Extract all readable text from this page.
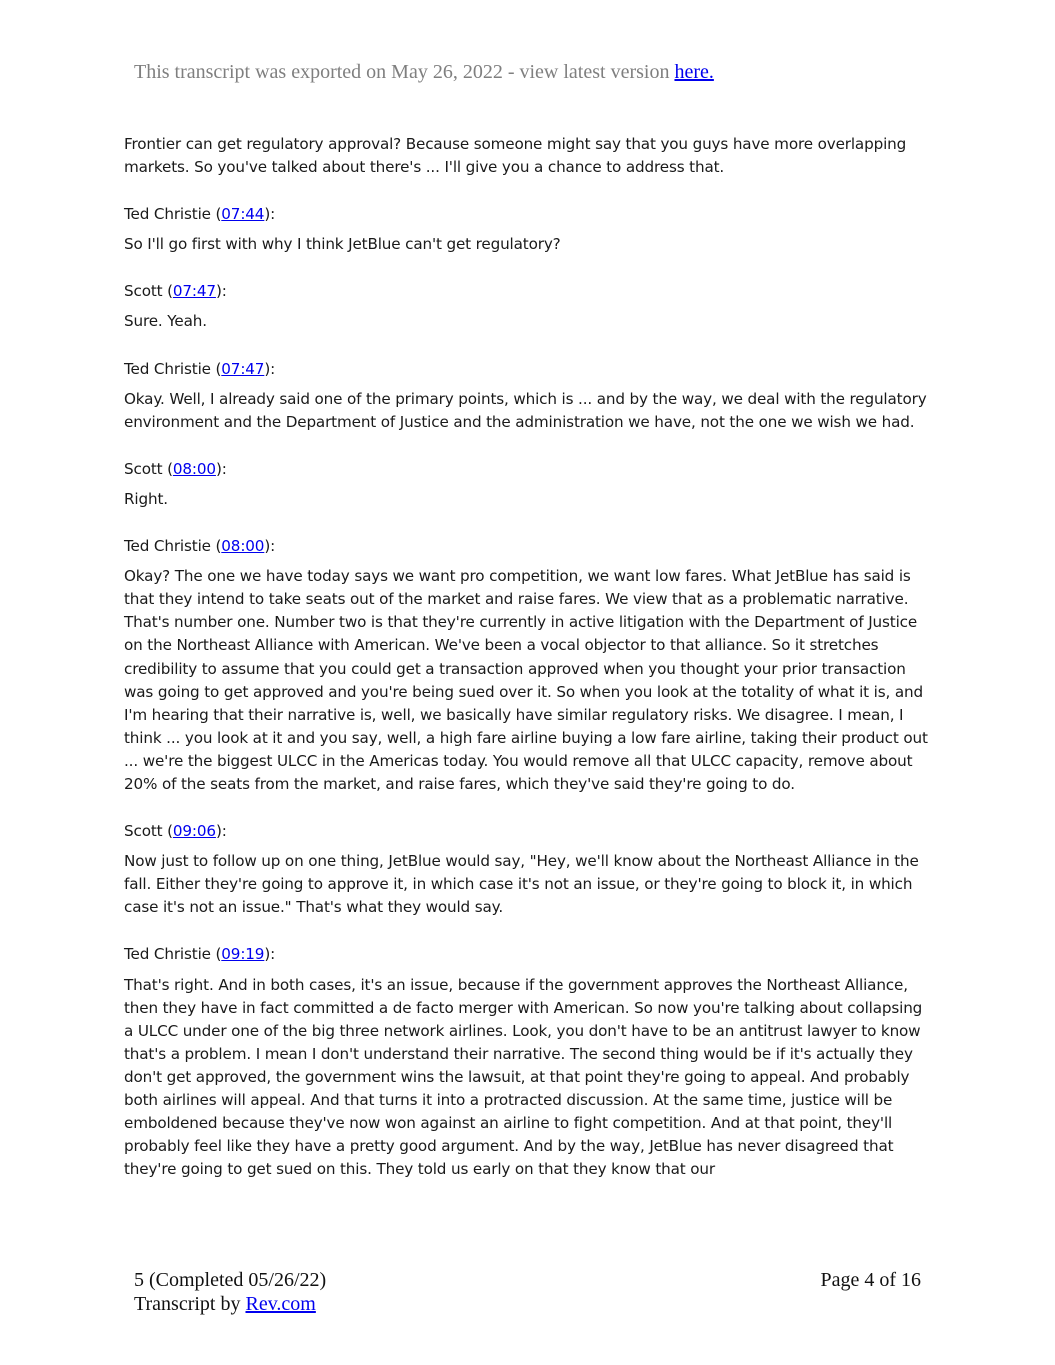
This transcript was exported on May 26, 2022 - view latest version here.

Frontier can get regulatory approval? Because someone might say that you guys have more overlapping markets. So you've talked about there's ... I'll give you a chance to address that.

Ted Christie (07:44):

So I'll go first with why I think JetBlue can't get regulatory?

Scott (07:47):

Sure. Yeah.

Ted Christie (07:47):

Okay. Well, I already said one of the primary points, which is ... and by the way, we deal with the regulatory environment and the Department of Justice and the administration we have, not the one we wish we had.

Scott (08:00):

Right.

Ted Christie (08:00):

Okay? The one we have today says we want pro competition, we want low fares. What JetBlue has said is that they intend to take seats out of the market and raise fares. We view that as a problematic narrative. That's number one. Number two is that they're currently in active litigation with the Department of Justice on the Northeast Alliance with American. We've been a vocal objector to that alliance. So it stretches credibility to assume that you could get a transaction approved when you thought your prior transaction was going to get approved and you're being sued over it. So when you look at the totality of what it is, and I'm hearing that their narrative is, well, we basically have similar regulatory risks. We disagree. I mean, I think ... you look at it and you say, well, a high fare airline buying a low fare airline, taking their product out ... we're the biggest ULCC in the Americas today. You would remove all that ULCC capacity, remove about 20% of the seats from the market, and raise fares, which they've said they're going to do.

Scott (09:06):

Now just to follow up on one thing, JetBlue would say, "Hey, we'll know about the Northeast Alliance in the fall. Either they're going to approve it, in which case it's not an issue, or they're going to block it, in which case it's not an issue." That's what they would say.

Ted Christie (09:19):

That's right. And in both cases, it's an issue, because if the government approves the Northeast Alliance, then they have in fact committed a de facto merger with American. So now you're talking about collapsing a ULCC under one of the big three network airlines. Look, you don't have to be an antitrust lawyer to know that's a problem. I mean I don't understand their narrative. The second thing would be if it's actually they don't get approved, the government wins the lawsuit, at that point they're going to appeal. And probably both airlines will appeal. And that turns it into a protracted discussion. At the same time, justice will be emboldened because they've now won against an airline to fight competition. And at that point, they'll probably feel like they have a pretty good argument. And by the way, JetBlue has never disagreed that they're going to get sued on this. They told us early on that they know that our

5 (Completed 05/26/22)
Transcript by Rev.com
Page 4 of 16
